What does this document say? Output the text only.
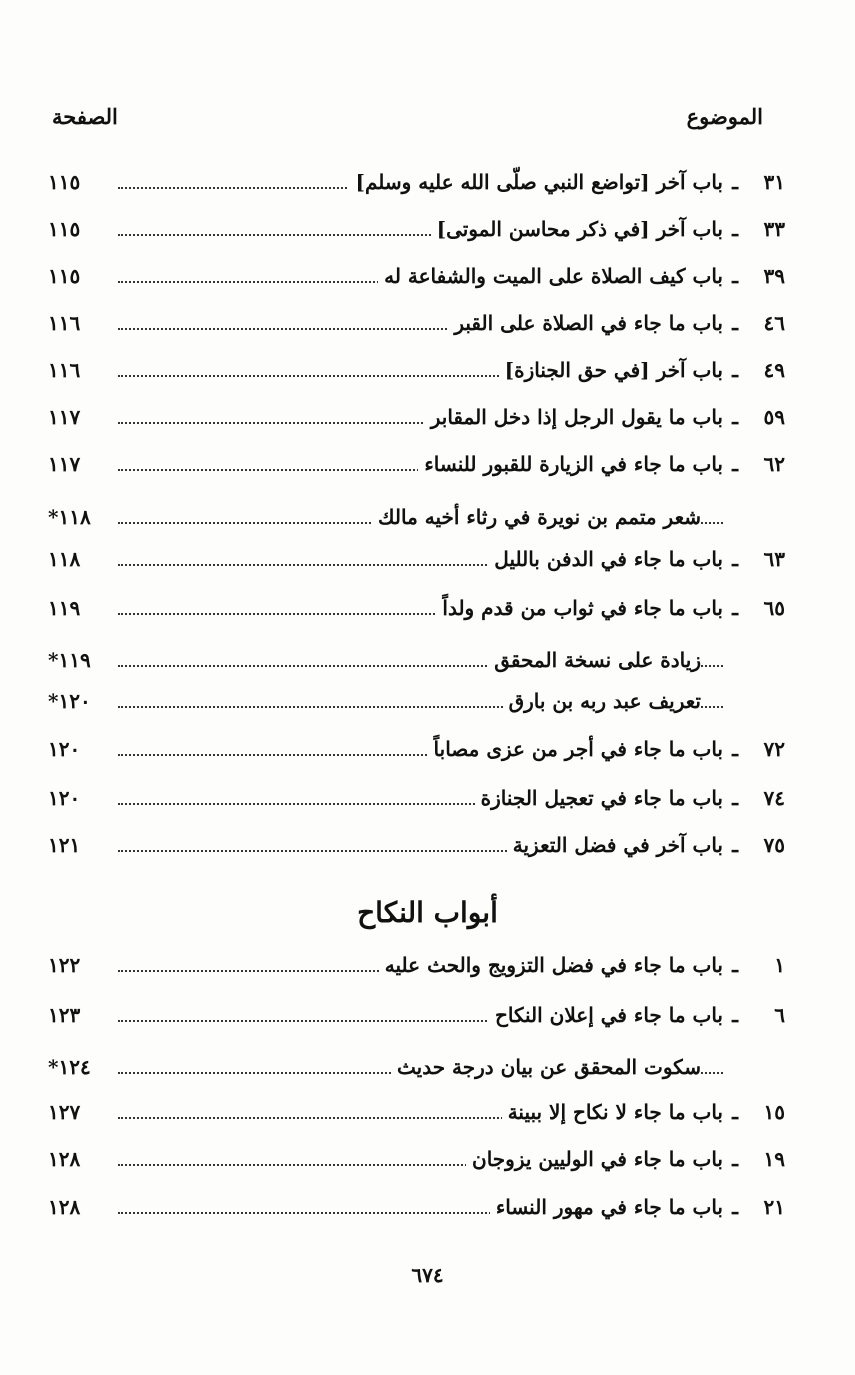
الموضوع
الصفحة
٣١
ـ
باب آخر [تواضع النبي صلّى الله عليه وسلم]
١١٥
٣٣
ـ
باب آخر [في ذكر محاسن الموتى]
١١٥
٣٩
ـ
باب كيف الصلاة على الميت والشفاعة له
١١٥
٤٦
ـ
باب ما جاء في الصلاة على القبر
١١٦
٤٩
ـ
باب آخر [في حق الجنازة]
١١٦
٥٩
ـ
باب ما يقول الرجل إذا دخل المقابر
١١٧
٦٢
ـ
باب ما جاء في الزيارة للقبور للنساء
١١٧
شعر متمم بن نويرة في رثاء أخيه مالك
١١٨*
٦٣
ـ
باب ما جاء في الدفن بالليل
١١٨
٦٥
ـ
باب ما جاء في ثواب من قدم ولداً
١١٩
زيادة على نسخة المحقق
١١٩*
تعريف عبد ربه بن بارق
١٢٠*
٧٢
ـ
باب ما جاء في أجر من عزى مصاباً
١٢٠
٧٤
ـ
باب ما جاء في تعجيل الجنازة
١٢٠
٧٥
ـ
باب آخر في فضل التعزية
١٢١
أبواب النكاح
١
ـ
باب ما جاء في فضل التزويج والحث عليه
١٢٢
٦
ـ
باب ما جاء في إعلان النكاح
١٢٣
سكوت المحقق عن بيان درجة حديث
١٢٤*
١٥
ـ
باب ما جاء لا نكاح إلا ببينة
١٢٧
١٩
ـ
باب ما جاء في الوليين يزوجان
١٢٨
٢١
ـ
باب ما جاء في مهور النساء
١٢٨
٦٧٤
